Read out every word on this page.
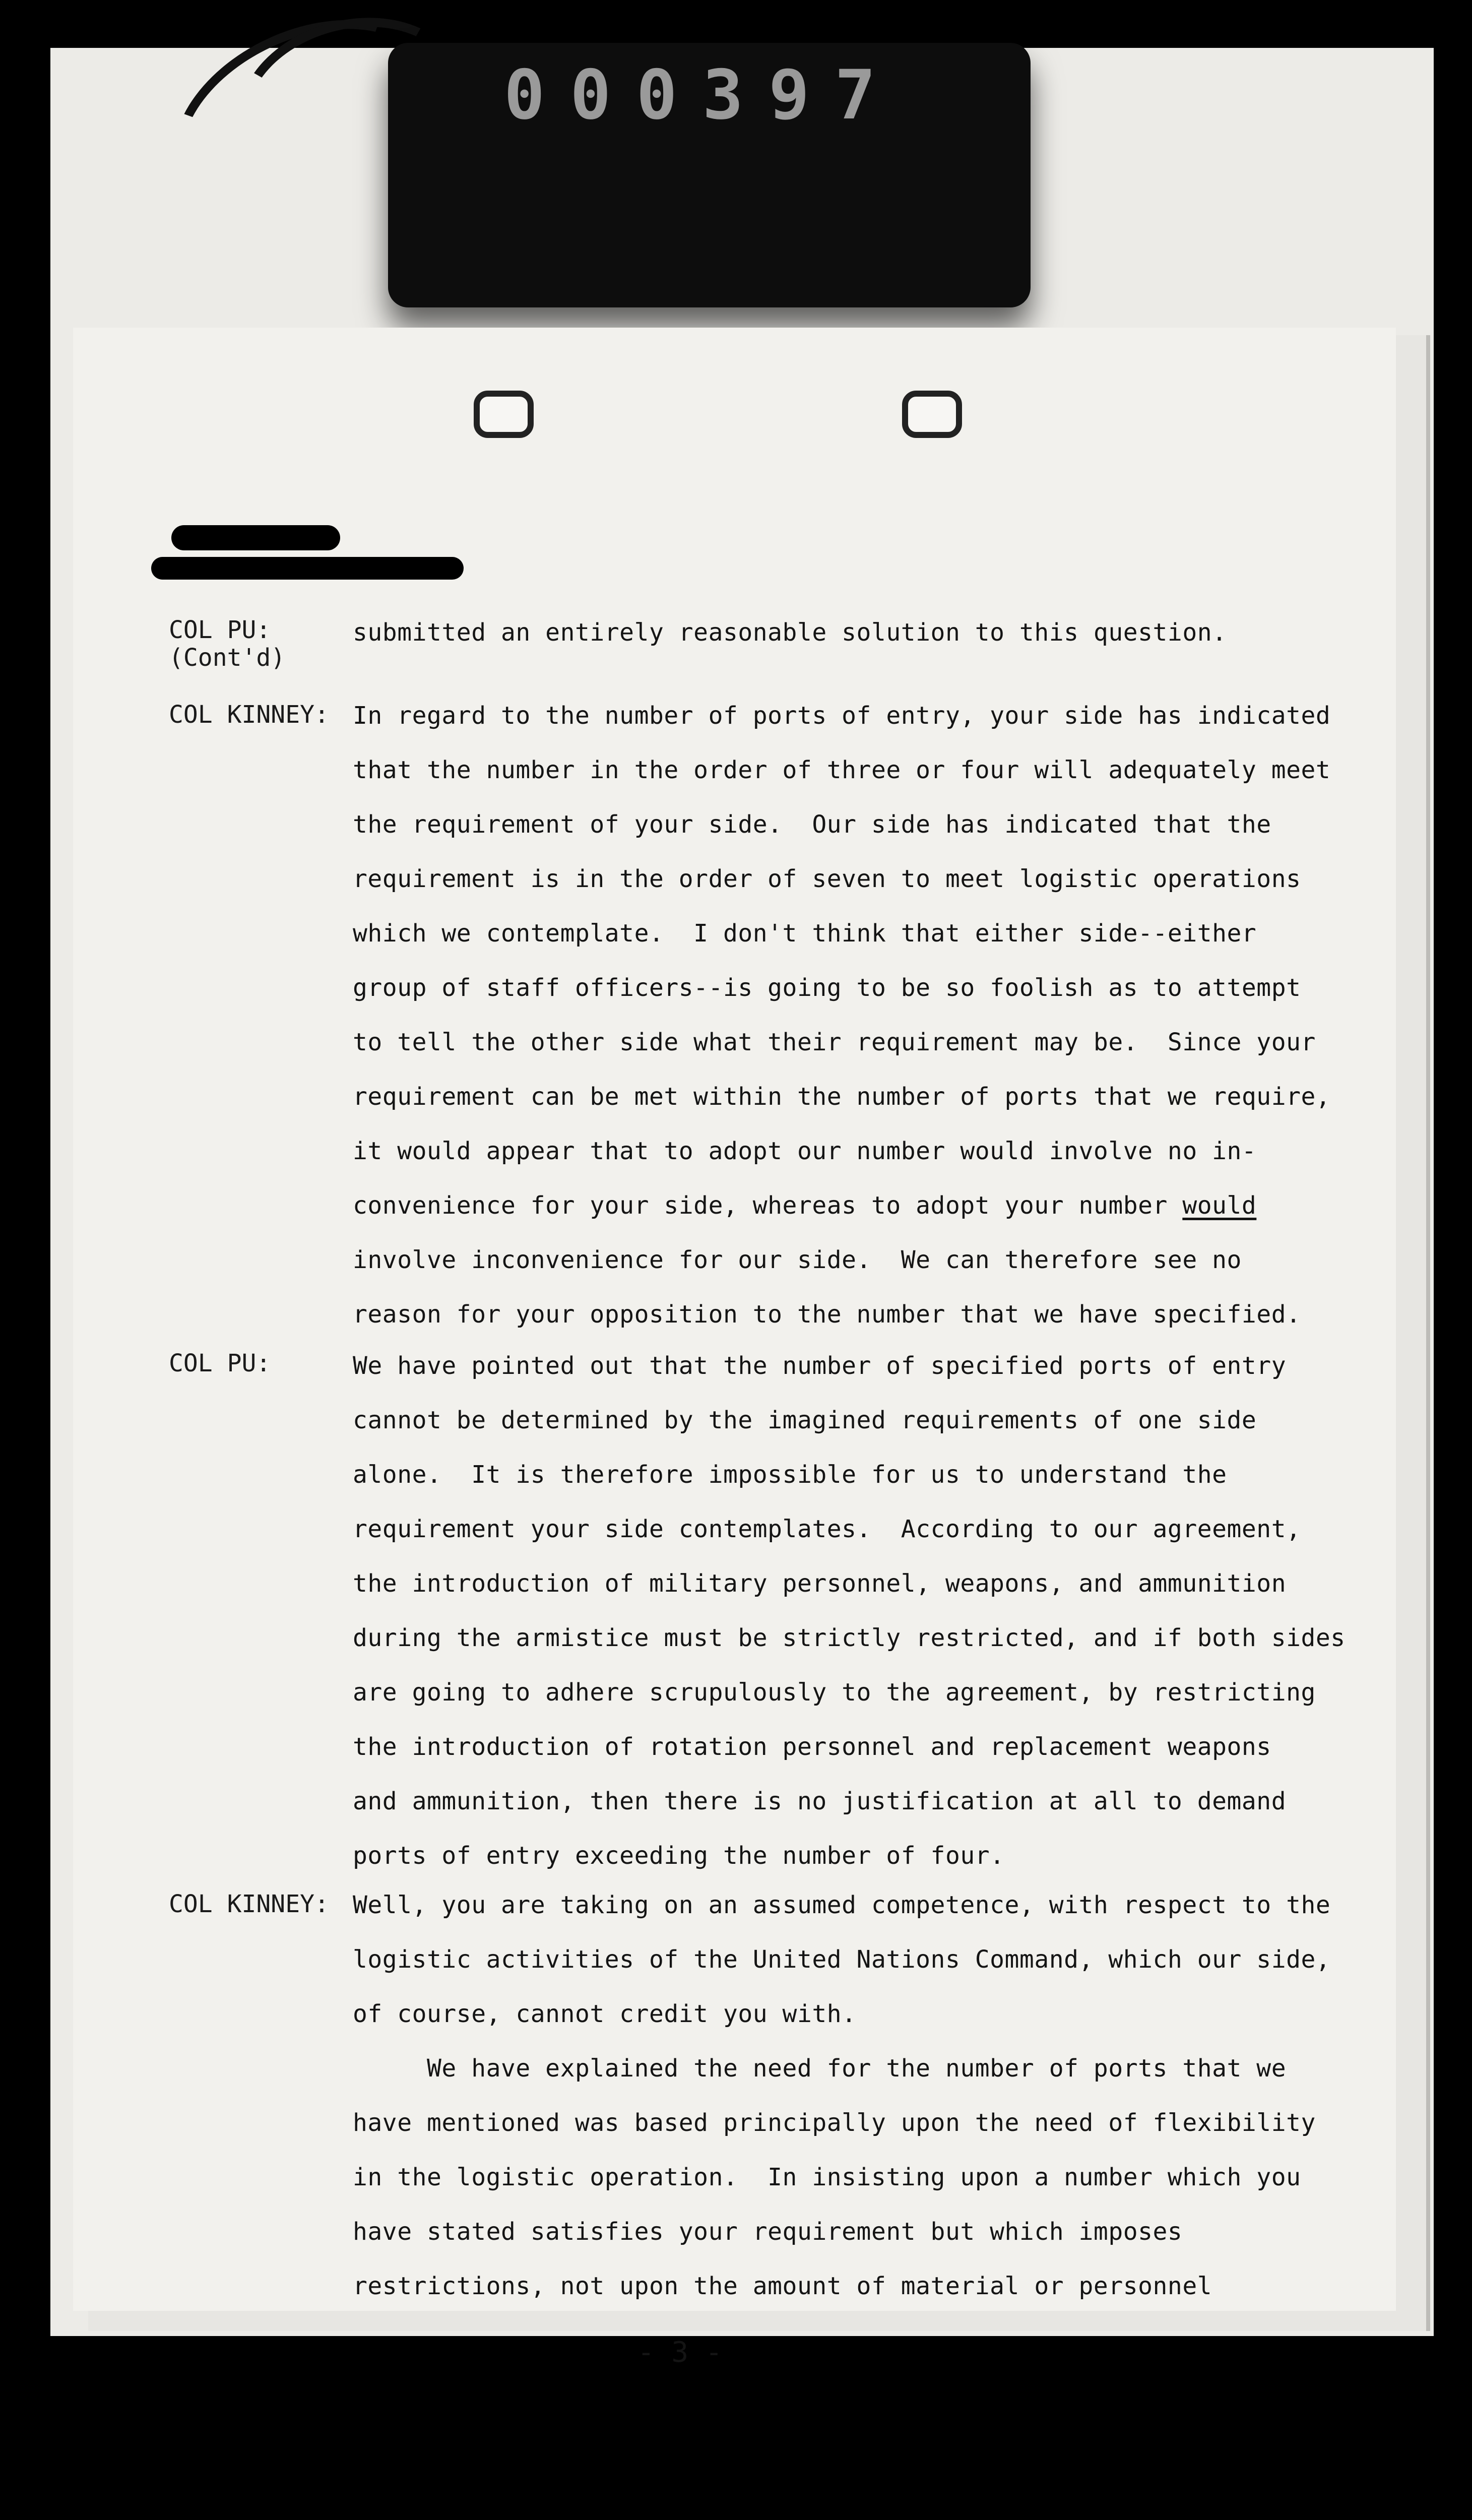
000397
COL PU:
(Cont'd)
submitted an entirely reasonable solution to this question.
COL KINNEY: In regard to the number of ports of entry, your side has indicated
that the number in the order of three or four will adequately meet
the requirement of your side.  Our side has indicated that the
requirement is in the order of seven to meet logistic operations
which we contemplate.  I don't think that either side--either
group of staff officers--is going to be so foolish as to attempt
to tell the other side what their requirement may be.  Since your
requirement can be met within the number of ports that we require,
it would appear that to adopt our number would involve no in-
convenience for your side, whereas to adopt your number would
involve inconvenience for our side.  We can therefore see no
reason for your opposition to the number that we have specified.
COL PU:	We have pointed out that the number of specified ports of entry
cannot be determined by the imagined requirements of one side
alone.  It is therefore impossible for us to understand the
requirement your side contemplates.  According to our agreement,
the introduction of military personnel, weapons, and ammunition
during the armistice must be strictly restricted, and if both sides
are going to adhere scrupulously to the agreement, by restricting
the introduction of rotation personnel and replacement weapons
and ammunition, then there is no justification at all to demand
ports of entry exceeding the number of four.
COL KINNEY: Well, you are taking on an assumed competence, with respect to the
logistic activities of the United Nations Command, which our side,
of course, cannot credit you with.
We have explained the need for the number of ports that we
have mentioned was based principally upon the need of flexibility
in the logistic operation.  In insisting upon a number which you
have stated satisfies your requirement but which imposes
restrictions, not upon the amount of material or personnel
- 3 -
